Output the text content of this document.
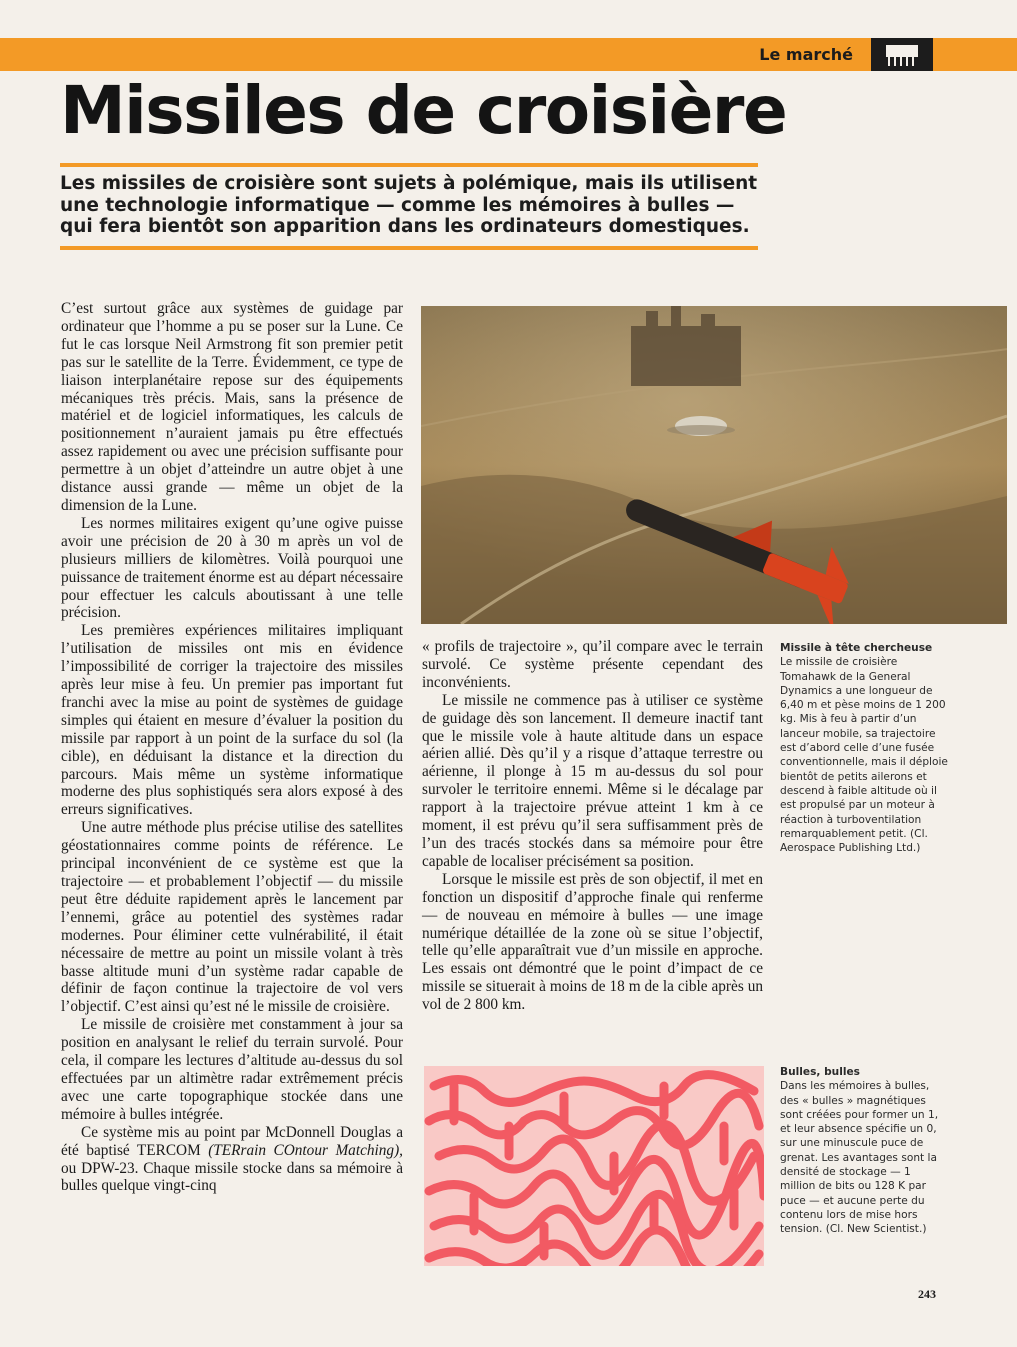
Le marché
Missiles de croisière
Les missiles de croisière sont sujets à polémique, mais ils utilisent une technologie informatique — comme les mémoires à bulles — qui fera bientôt son apparition dans les ordinateurs domestiques.

C’est surtout grâce aux systèmes de guidage par ordinateur que l’homme a pu se poser sur la Lune. Ce fut le cas lorsque Neil Armstrong fit son premier petit pas sur le satellite de la Terre. Évidemment, ce type de liaison interplanétaire repose sur des équipements mécaniques très précis. Mais, sans la présence de matériel et de logiciel informatiques, les calculs de positionnement n’auraient jamais pu être effectués assez rapidement ou avec une précision suffisante pour permettre à un objet d’atteindre un autre objet à une distance aussi grande — même un objet de la dimension de la Lune.

Les normes militaires exigent qu’une ogive puisse avoir une précision de 20 à 30 m après un vol de plusieurs milliers de kilomètres. Voilà pourquoi une puissance de traitement énorme est au départ nécessaire pour effectuer les calculs aboutissant à une telle précision.

Les premières expériences militaires impliquant l’utilisation de missiles ont mis en évidence l’impossibilité de corriger la trajectoire des missiles après leur mise à feu. Un premier pas important fut franchi avec la mise au point de systèmes de guidage simples qui étaient en mesure d’évaluer la position du missile par rapport à un point de la surface du sol (la cible), en déduisant la distance et la direction du parcours. Mais même un système informatique moderne des plus sophistiqués sera alors exposé à des erreurs significatives.

Une autre méthode plus précise utilise des satellites géostationnaires comme points de référence. Le principal inconvénient de ce système est que la trajectoire — et probablement l’objectif — du missile peut être déduite rapidement après le lancement par l’ennemi, grâce au potentiel des systèmes radar modernes. Pour éliminer cette vulnérabilité, il était nécessaire de mettre au point un missile volant à très basse altitude muni d’un système radar capable de définir de façon continue la trajectoire de vol vers l’objectif. C’est ainsi qu’est né le missile de croisière.

Le missile de croisière met constamment à jour sa position en analysant le relief du terrain survolé. Pour cela, il compare les lectures d’altitude au-dessus du sol effectuées par un altimètre radar extrêmement précis avec une carte topographique stockée dans une mémoire à bulles intégrée.

Ce système mis au point par McDonnell Douglas a été baptisé TERCOM (TERrain COntour Matching), ou DPW-23. Chaque missile stocke dans sa mémoire à bulles quelque vingt-cinq

« profils de trajectoire », qu’il compare avec le terrain survolé. Ce système présente cependant des inconvénients.

Le missile ne commence pas à utiliser ce système de guidage dès son lancement. Il demeure inactif tant que le missile vole à haute altitude dans un espace aérien allié. Dès qu’il y a risque d’attaque terrestre ou aérienne, il plonge à 15 m au-dessus du sol pour survoler le territoire ennemi. Même si le décalage par rapport à la trajectoire prévue atteint 1 km à ce moment, il est prévu qu’il sera suffisamment près de l’un des tracés stockés dans sa mémoire pour être capable de localiser précisément sa position.

Lorsque le missile est près de son objectif, il met en fonction un dispositif d’approche finale qui renferme — de nouveau en mémoire à bulles — une image numérique détaillée de la zone où se situe l’objectif, telle qu’elle apparaîtrait vue d’un missile en approche. Les essais ont démontré que le point d’impact de ce missile se situerait à moins de 18 m de la cible après un vol de 2 800 km.

Missile à tête chercheuse
Le missile de croisière Tomahawk de la General Dynamics a une longueur de 6,40 m et pèse moins de 1 200 kg. Mis à feu à partir d’un lanceur mobile, sa trajectoire est d’abord celle d’une fusée conventionnelle, mais il déploie bientôt de petits ailerons et descend à faible altitude où il est propulsé par un moteur à réaction à turboventilation remarquablement petit. (Cl. Aerospace Publishing Ltd.)
Bulles, bulles
Dans les mémoires à bulles, des « bulles » magnétiques sont créées pour former un 1, et leur absence spécifie un 0, sur une minuscule puce de grenat. Les avantages sont la densité de stockage — 1 million de bits ou 128 K par puce — et aucune perte du contenu lors de mise hors tension. (Cl. New Scientist.)
243
